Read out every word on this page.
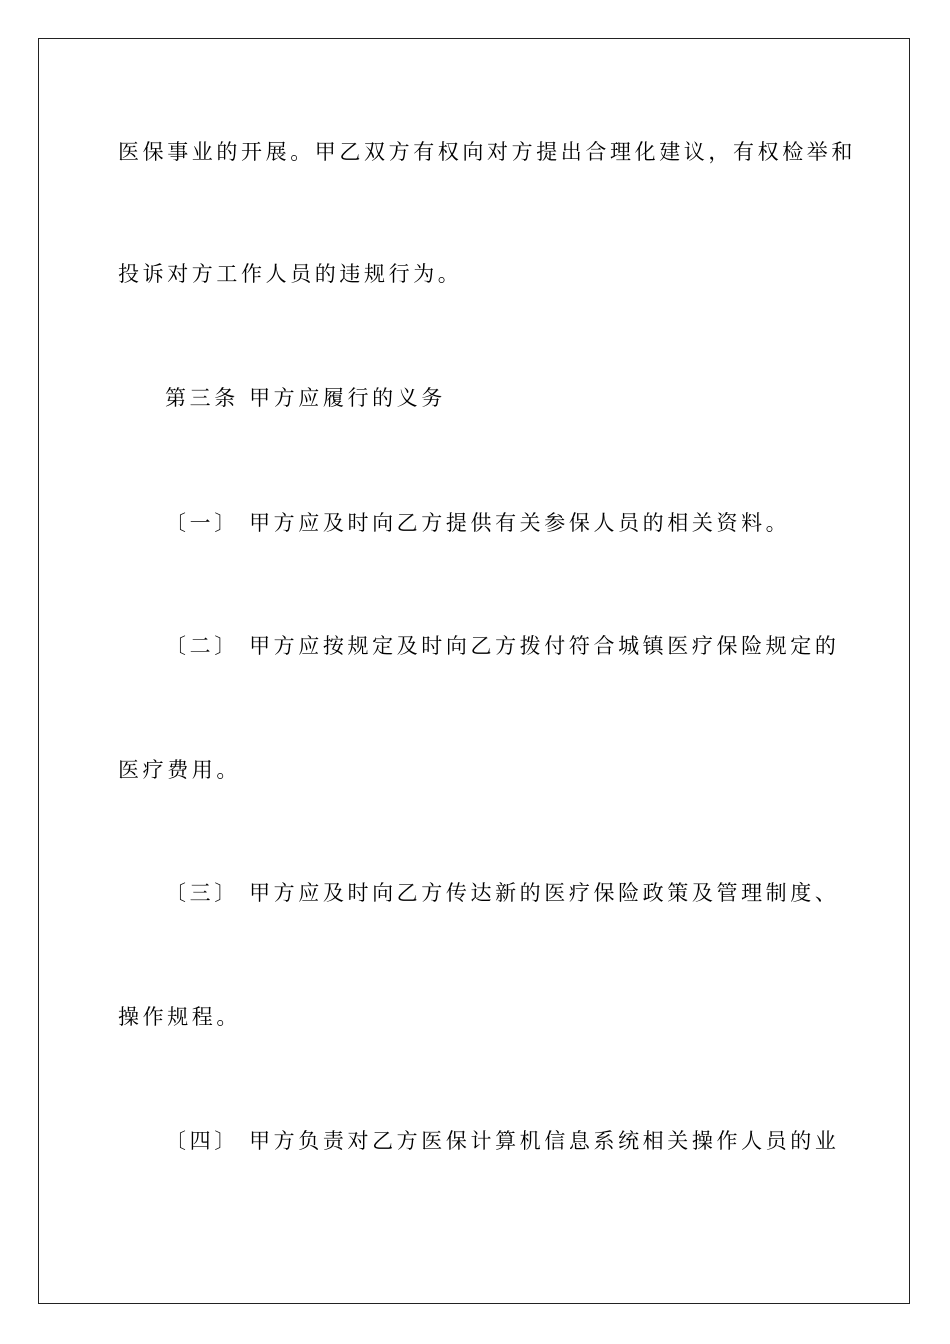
医保事业的开展。甲乙双方有权向对方提出合理化建议，有权检举和

投诉对方工作人员的违规行为。

第三条 甲方应履行的义务

〔一〕 甲方应及时向乙方提供有关参保人员的相关资料。

〔二〕 甲方应按规定及时向乙方拨付符合城镇医疗保险规定的

医疗费用。

〔三〕 甲方应及时向乙方传达新的医疗保险政策及管理制度、

操作规程。

〔四〕 甲方负责对乙方医保计算机信息系统相关操作人员的业
